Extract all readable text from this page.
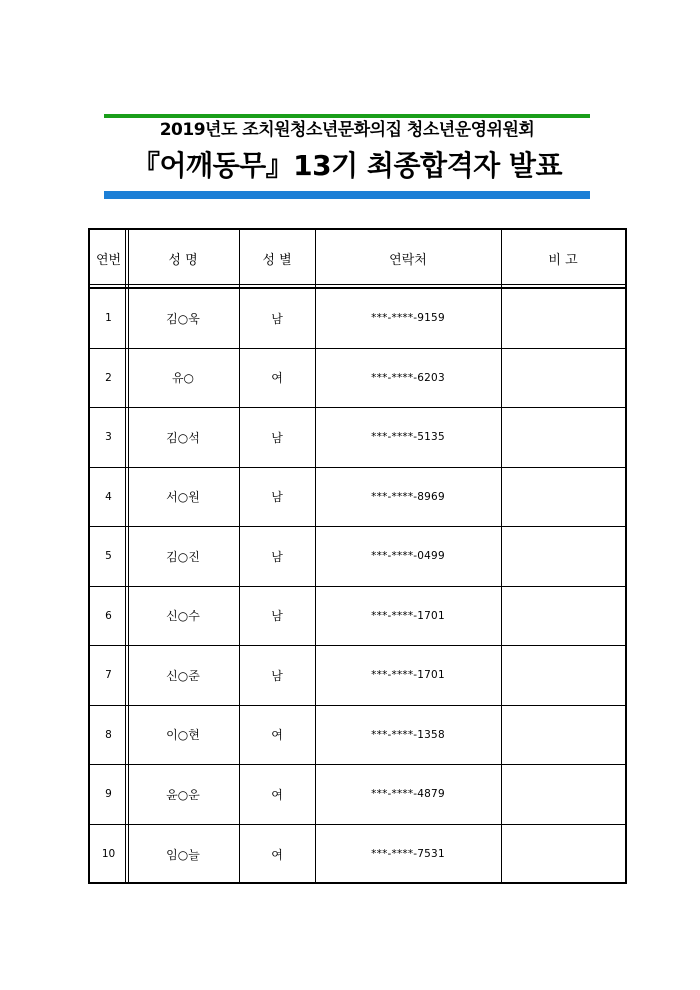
2019년도 조치원청소년문화의집 청소년운영위원회
『어깨동무』13기 최종합격자 발표
연번	성 명	성 별	연락처	비 고
1	김○욱	남	***-****-9159
2	유○	여	***-****-6203
3	김○석	남	***-****-5135
4	서○원	남	***-****-8969
5	김○진	남	***-****-0499
6	신○수	남	***-****-1701
7	신○준	남	***-****-1701
8	이○현	여	***-****-1358
9	윤○운	여	***-****-4879
10	임○늘	여	***-****-7531
